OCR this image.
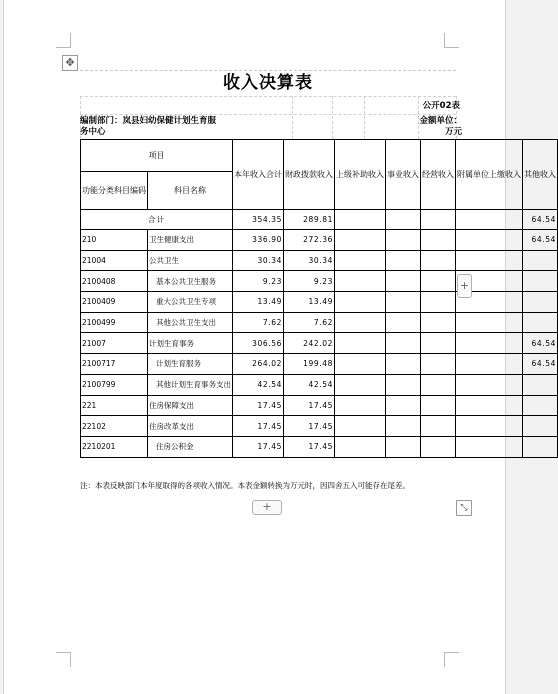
✥
收入决算表
公开02表
编制部门：岚县妇幼保健计划生育服务中心
金额单位：万元
项目		本年收入合计	财政拨款收入	上级补助收入	事业收入	经营收入	附属单位上缴收入	其他收入
功能分类科目编码	科目名称							
合计		354.35	289.81					64.54
210	卫生健康支出	336.90	272.36					64.54
21004	公共卫生	30.34	30.34					
2100408	基本公共卫生服务	9.23	9.23					
2100409	重大公共卫生专项	13.49	13.49					
2100499	其他公共卫生支出	7.62	7.62					
21007	计划生育事务	306.56	242.02					64.54
2100717	计划生育服务	264.02	199.48					64.54
2100799	其他计划生育事务支出	42.54	42.54					
221	住房保障支出	17.45	17.45					
22102	住房改革支出	17.45	17.45					
2210201	住房公积金	17.45	17.45					
注：本表反映部门本年度取得的各项收入情况。本表金额转换为万元时，因四舍五入可能存在尾差。
+
+
⤡
